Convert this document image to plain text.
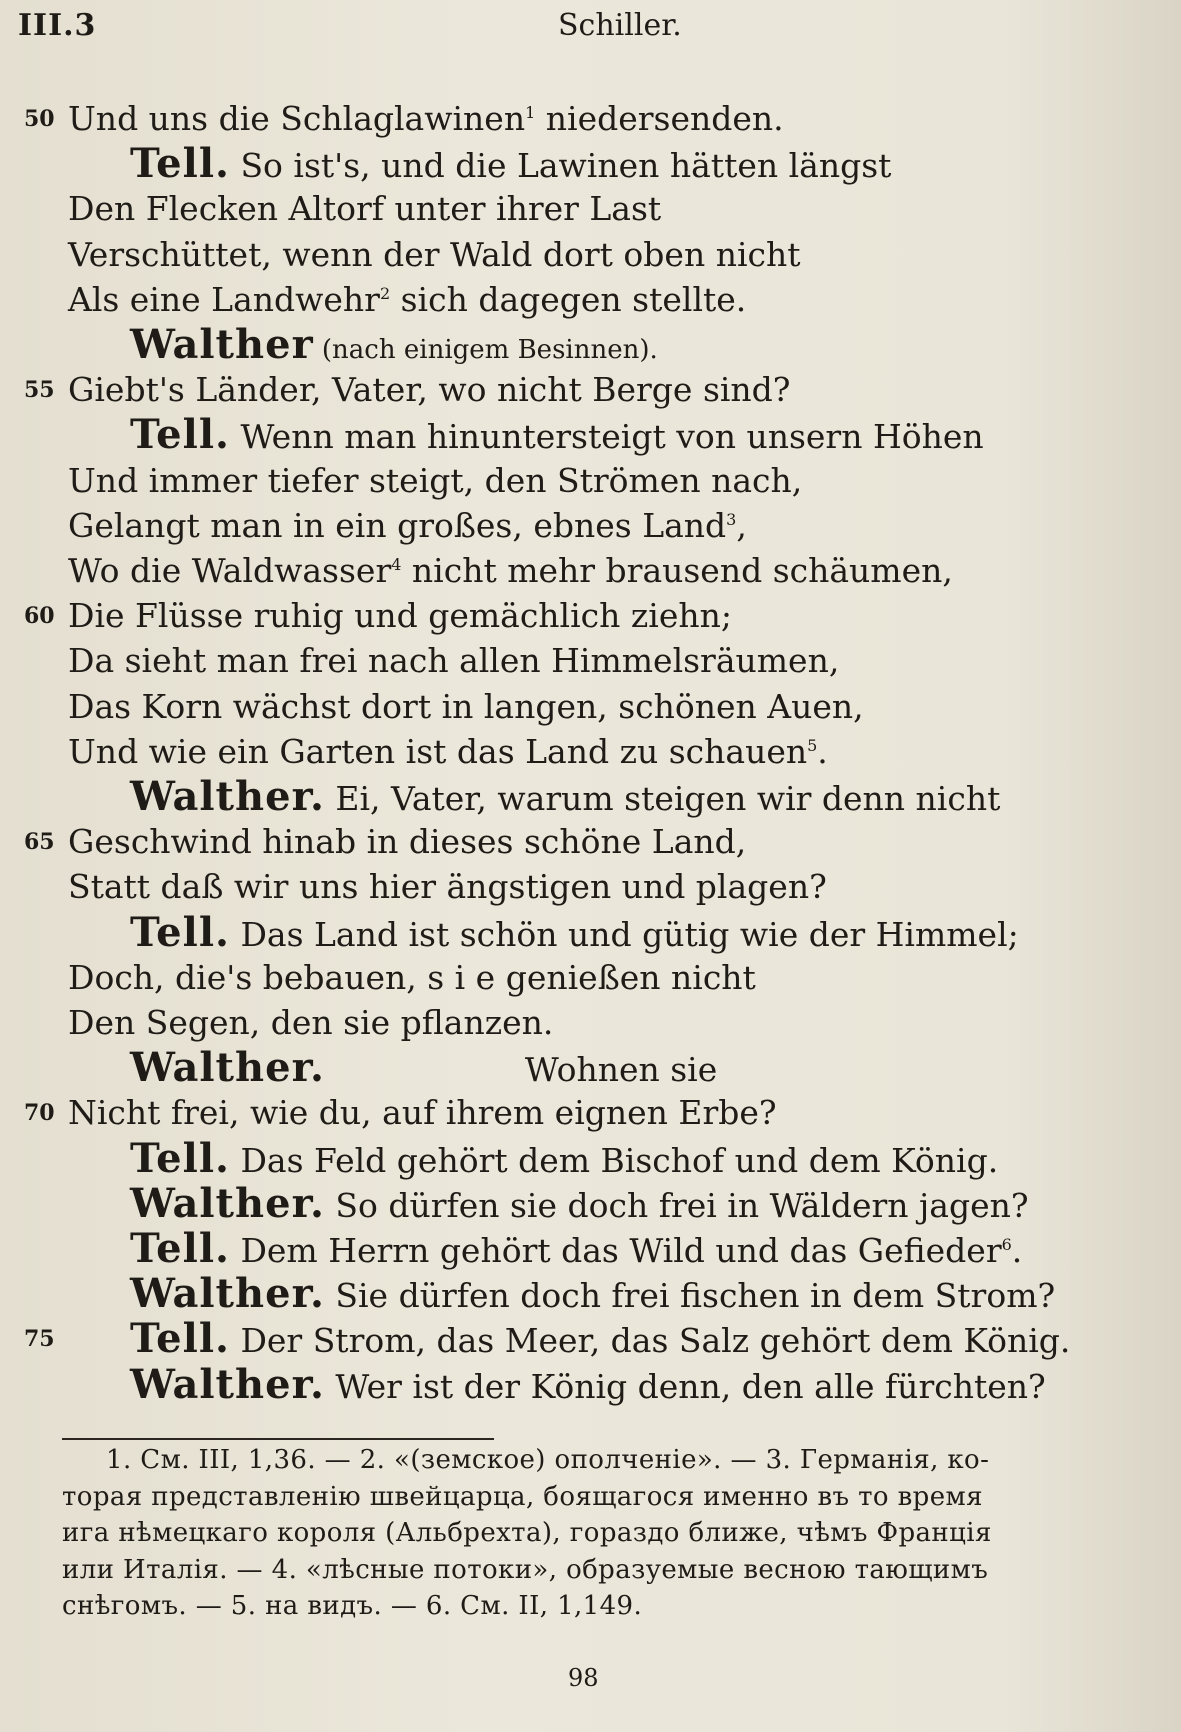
III.3	Schiller.
50 Und uns die Schlaglawinen$^1$ niedersenden.
Tell. So ist's, und die Lawinen hätten längst
Den Flecken Altorf unter ihrer Last
Verschüttet, wenn der Wald dort oben nicht
Als eine Landwehr$^2$ sich dagegen stellte.
Walther (nach einigem Besinnen).
55 Giebt's Länder, Vater, wo nicht Berge sind?
Tell. Wenn man hinuntersteigt von unsern Höhen
Und immer tiefer steigt, den Strömen nach,
Gelangt man in ein großes, ebnes Land$^3$,
Wo die Waldwasser$^4$ nicht mehr brausend schäumen,
60 Die Flüsse ruhig und gemächlich ziehn;
Da sieht man frei nach allen Himmelsräumen,
Das Korn wächst dort in langen, schönen Auen,
Und wie ein Garten ist das Land zu schauen$^5$.
Walther. Ei, Vater, warum steigen wir denn nicht
65 Geschwind hinab in dieses schöne Land,
Statt daß wir uns hier ängstigen und plagen?
Tell. Das Land ist schön und gütig wie der Himmel;
Doch, die's bebauen, s i e genießen nicht
Den Segen, den sie pflanzen.
Walther.	Wohnen sie
70 Nicht frei, wie du, auf ihrem eignen Erbe?
Tell. Das Feld gehört dem Bischof und dem König.
Walther. So dürfen sie doch frei in Wäldern jagen?
Tell. Dem Herrn gehört das Wild und das Gefieder$^6$.
Walther. Sie dürfen doch frei fischen in dem Strom?
75 Tell. Der Strom, das Meer, das Salz gehört dem König.
Walther. Wer ist der König denn, den alle fürchten?
1. См. III, 1,36. — 2. «(земское) ополченіе». — 3. Германія, ко-
торая представленію швейцарца, боящагося именно въ то время
ига нѣмецкаго короля (Альбрехта), гораздо ближе, чѣмъ Францiя
или Италiя. — 4. «лѣсные потоки», образуемые весною тающимъ
снѣгомъ. — 5. на видъ. — 6. См. II, 1,149.
98
